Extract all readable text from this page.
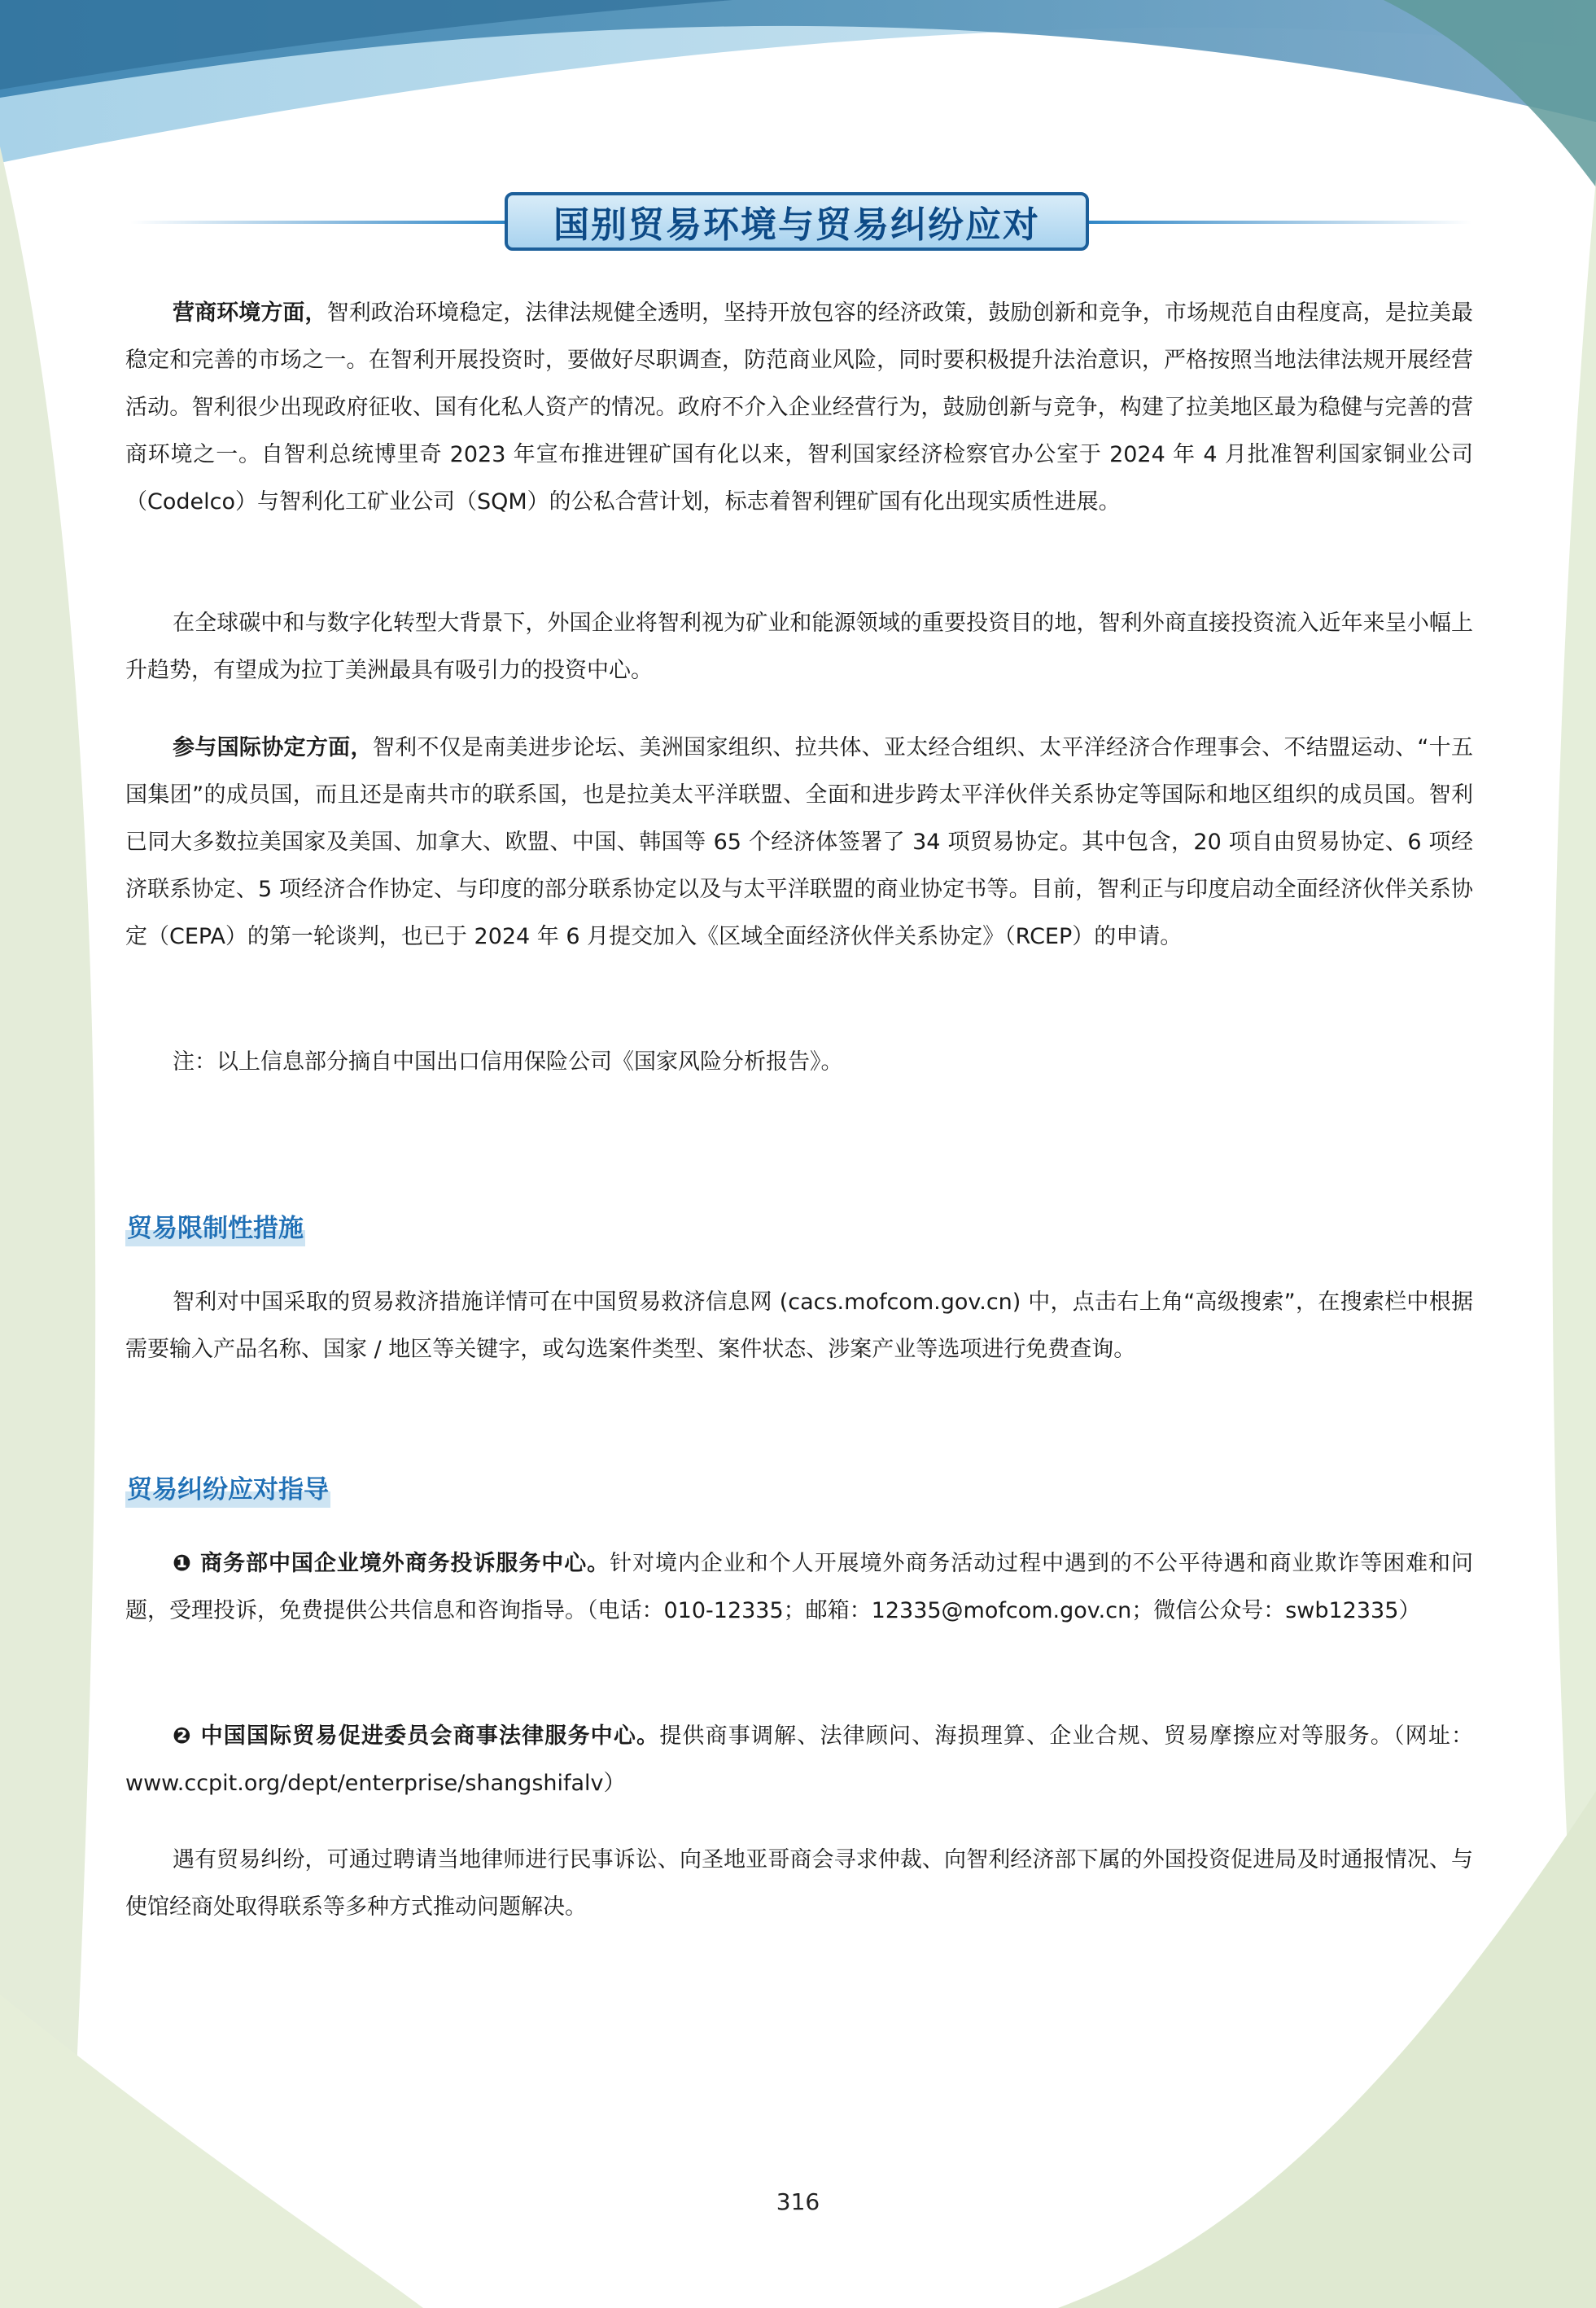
国别贸易环境与贸易纠纷应对

营商环境方面，智利政治环境稳定，法律法规健全透明，坚持开放包容的经济政策，鼓励创新和竞争，市场规范自由程度高，是拉美最稳定和完善的市场之一。在智利开展投资时，要做好尽职调查，防范商业风险，同时要积极提升法治意识，严格按照当地法律法规开展经营活动。智利很少出现政府征收、国有化私人资产的情况。政府不介入企业经营行为，鼓励创新与竞争，构建了拉美地区最为稳健与完善的营商环境之一。自智利总统博里奇 2023 年宣布推进锂矿国有化以来，智利国家经济检察官办公室于 2024 年 4 月批准智利国家铜业公司（Codelco）与智利化工矿业公司（SQM）的公私合营计划，标志着智利锂矿国有化出现实质性进展。

在全球碳中和与数字化转型大背景下，外国企业将智利视为矿业和能源领域的重要投资目的地，智利外商直接投资流入近年来呈小幅上升趋势，有望成为拉丁美洲最具有吸引力的投资中心。

参与国际协定方面，智利不仅是南美进步论坛、美洲国家组织、拉共体、亚太经合组织、太平洋经济合作理事会、不结盟运动、“十五国集团”的成员国，而且还是南共市的联系国，也是拉美太平洋联盟、全面和进步跨太平洋伙伴关系协定等国际和地区组织的成员国。智利已同大多数拉美国家及美国、加拿大、欧盟、中国、韩国等 65 个经济体签署了 34 项贸易协定。其中包含，20 项自由贸易协定、6 项经济联系协定、5 项经济合作协定、与印度的部分联系协定以及与太平洋联盟的商业协定书等。目前，智利正与印度启动全面经济伙伴关系协定（CEPA）的第一轮谈判，也已于 2024 年 6 月提交加入《区域全面经济伙伴关系协定》（RCEP）的申请。

注：以上信息部分摘自中国出口信用保险公司《国家风险分析报告》。

贸易限制性措施

智利对中国采取的贸易救济措施详情可在中国贸易救济信息网 (cacs.mofcom.gov.cn) 中，点击右上角“高级搜索”，在搜索栏中根据需要输入产品名称、国家 / 地区等关键字，或勾选案件类型、案件状态、涉案产业等选项进行免费查询。

贸易纠纷应对指导

❶ 商务部中国企业境外商务投诉服务中心。针对境内企业和个人开展境外商务活动过程中遇到的不公平待遇和商业欺诈等困难和问题，受理投诉，免费提供公共信息和咨询指导。（电话：010-12335；邮箱：12335@mofcom.gov.cn；微信公众号：swb12335）

❷ 中国国际贸易促进委员会商事法律服务中心。提供商事调解、法律顾问、海损理算、企业合规、贸易摩擦应对等服务。（网址：www.ccpit.org/dept/enterprise/shangshifalv）

遇有贸易纠纷，可通过聘请当地律师进行民事诉讼、向圣地亚哥商会寻求仲裁、向智利经济部下属的外国投资促进局及时通报情况、与使馆经商处取得联系等多种方式推动问题解决。

316
